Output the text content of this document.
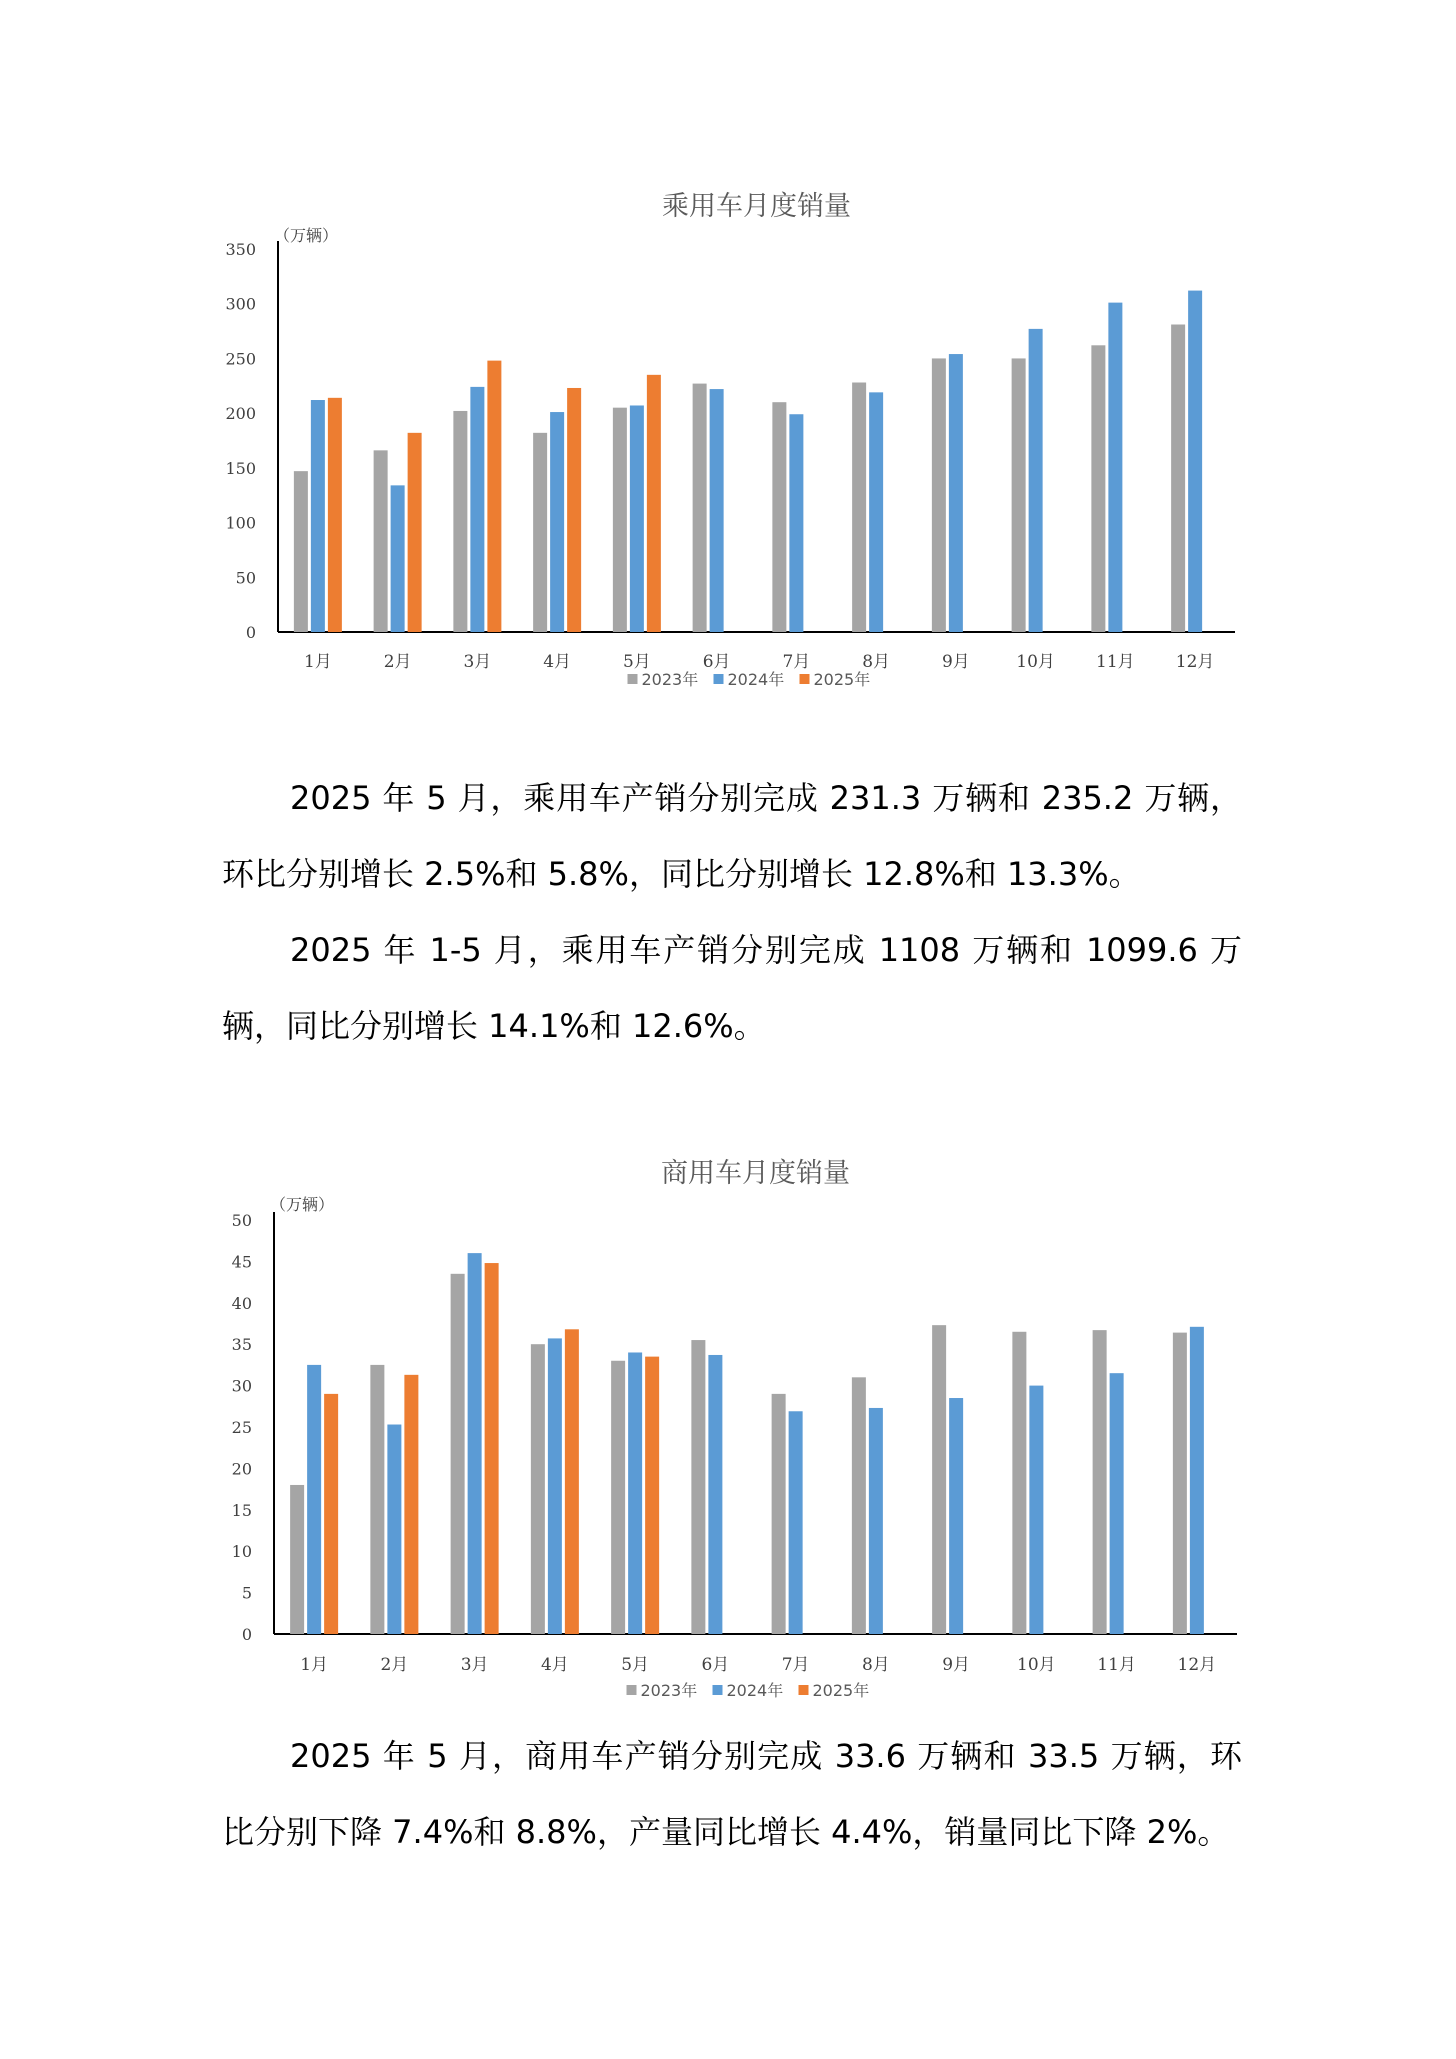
乘用车月度销量
（万辆）
0
50
100
150
200
250
300
350
1月	2月	3月	4月	5月	6月	7月	8月	9月	10月 11月 12月
2023年 2024年 2025年

2025 年 5 月，乘用车产销分别完成 231.3 万辆和 235.2 万辆，环比分别增长 2.5%和 5.8%，同比分别增长 12.8%和 13.3%。

2025 年 1-5 月，乘用车产销分别完成 1108 万辆和 1099.6 万辆，同比分别增长 14.1%和 12.6%。

商用车月度销量
（万辆）
0
5
10
15
20
25
30
35
40
45
50
1月	2月	3月	4月	5月	6月	7月	8月	9月	10月 11月 12月
2023年 2024年 2025年

2025 年 5 月，商用车产销分别完成 33.6 万辆和 33.5 万辆，环比分别下降 7.4%和 8.8%，产量同比增长 4.4%，销量同比下降 2%。
